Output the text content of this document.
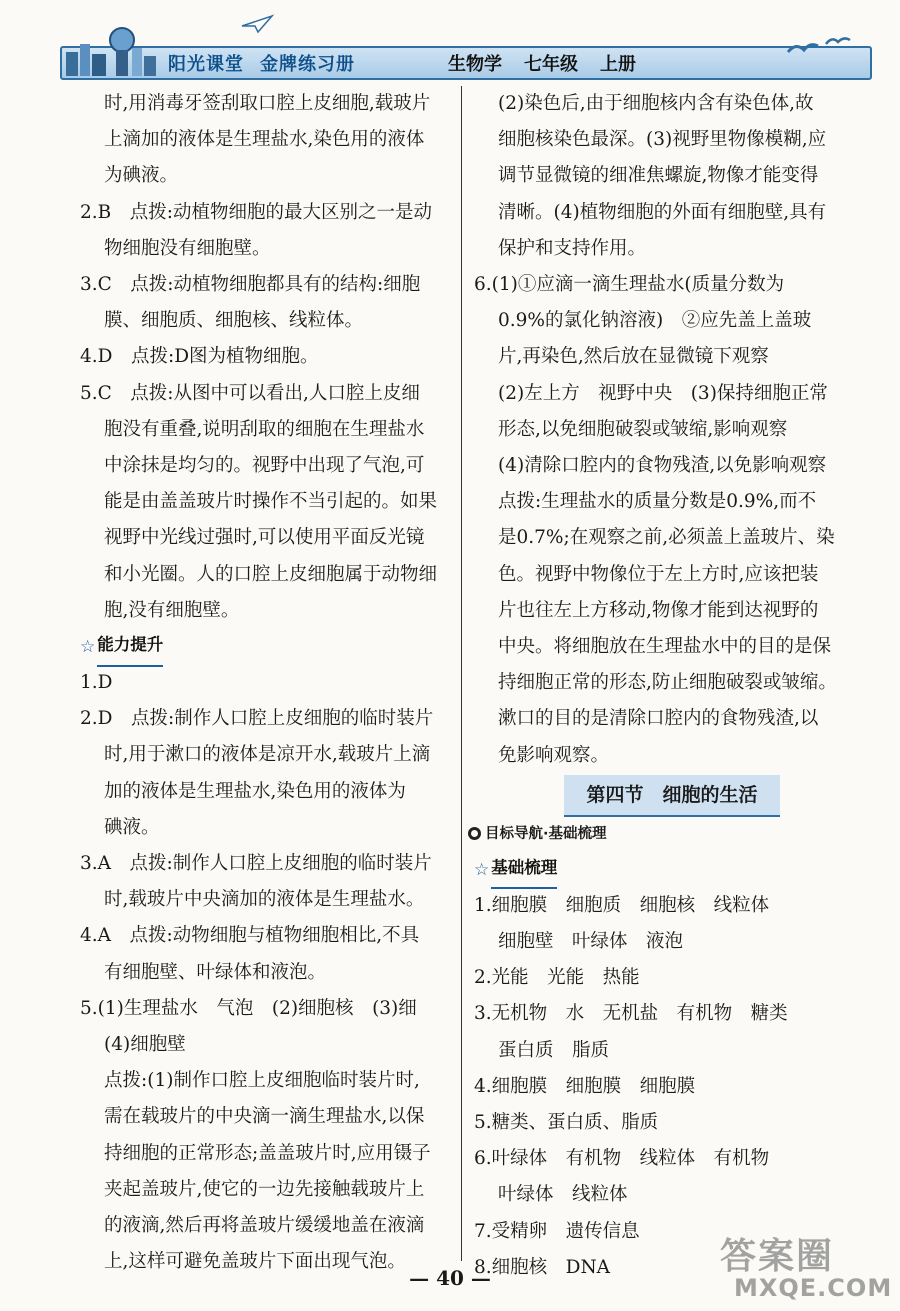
阳光课堂 金牌练习册	生物学 七年级 上册
时,用消毒牙签刮取口腔上皮细胞,载玻片
上滴加的液体是生理盐水,染色用的液体
为碘液。
2.B　点拨:动植物细胞的最大区别之一是动
物细胞没有细胞壁。
3.C　点拨:动植物细胞都具有的结构:细胞
膜、细胞质、细胞核、线粒体。
4.D　点拨:D图为植物细胞。
5.C　点拨:从图中可以看出,人口腔上皮细
胞没有重叠,说明刮取的细胞在生理盐水
中涂抹是均匀的。视野中出现了气泡,可
能是由盖盖玻片时操作不当引起的。如果
视野中光线过强时,可以使用平面反光镜
和小光圈。人的口腔上皮细胞属于动物细
胞,没有细胞壁。
☆ 能力提升
1.D
2.D　点拨:制作人口腔上皮细胞的临时装片
时,用于漱口的液体是凉开水,载玻片上滴
加的液体是生理盐水,染色用的液体为
碘液。
3.A　点拨:制作人口腔上皮细胞的临时装片
时,载玻片中央滴加的液体是生理盐水。
4.A　点拨:动物细胞与植物细胞相比,不具
有细胞壁、叶绿体和液泡。
5.(1)生理盐水　气泡　(2)细胞核　(3)细
(4)细胞壁
点拨:(1)制作口腔上皮细胞临时装片时,
需在载玻片的中央滴一滴生理盐水,以保
持细胞的正常形态;盖盖玻片时,应用镊子
夹起盖玻片,使它的一边先接触载玻片上
的液滴,然后再将盖玻片缓缓地盖在液滴
上,这样可避免盖玻片下面出现气泡。
(2)染色后,由于细胞核内含有染色体,故
细胞核染色最深。(3)视野里物像模糊,应
调节显微镜的细准焦螺旋,物像才能变得
清晰。(4)植物细胞的外面有细胞壁,具有
保护和支持作用。
6.(1)①应滴一滴生理盐水(质量分数为
0.9%的氯化钠溶液)　②应先盖上盖玻
片,再染色,然后放在显微镜下观察
(2)左上方　视野中央　(3)保持细胞正常
形态,以免细胞破裂或皱缩,影响观察
(4)清除口腔内的食物残渣,以免影响观察
点拨:生理盐水的质量分数是0.9%,而不
是0.7%;在观察之前,必须盖上盖玻片、染
色。视野中物像位于左上方时,应该把装
片也往左上方移动,物像才能到达视野的
中央。将细胞放在生理盐水中的目的是保
持细胞正常的形态,防止细胞破裂或皱缩。
漱口的目的是清除口腔内的食物残渣,以
免影响观察。
第四节　细胞的生活
目标导航·基础梳理
☆ 基础梳理
1.细胞膜　细胞质　细胞核　线粒体
细胞壁　叶绿体　液泡
2.光能　光能　热能
3.无机物　水　无机盐　有机物　糖类
蛋白质　脂质
4.细胞膜　细胞膜　细胞膜
5.糖类、蛋白质、脂质
6.叶绿体　有机物　线粒体　有机物
叶绿体　线粒体
7.受精卵　遗传信息
8.细胞核　DNA
— 40 —
答案圈
MXQE.COM
